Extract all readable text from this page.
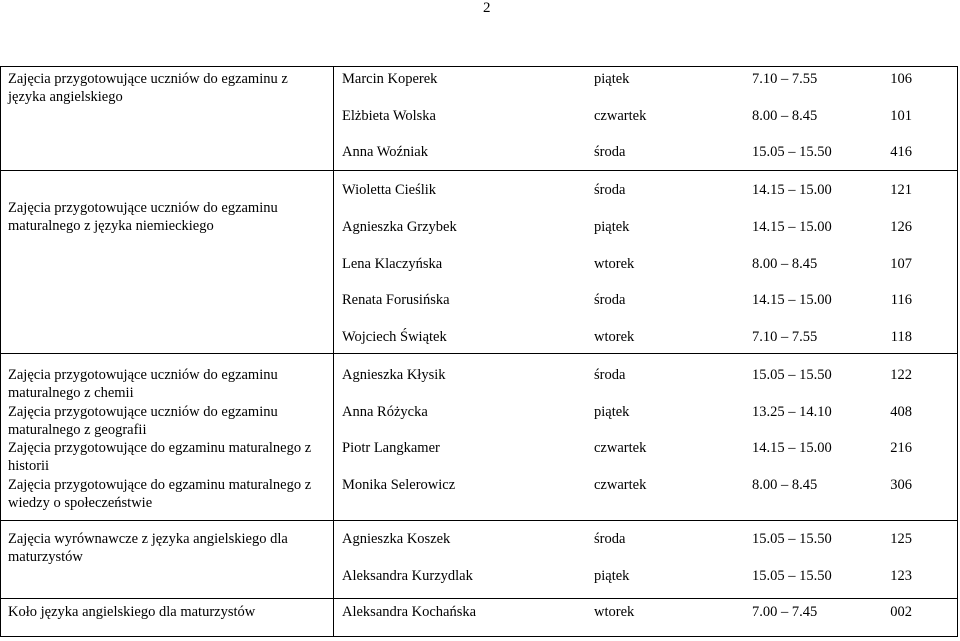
2
Zajęcia przygotowujące uczniów do egzaminu z języka angielskiego
Marcin Koperek	piątek	7.10 – 7.55	106
Elżbieta Wolska	czwartek	8.00 – 8.45	101
Anna Woźniak	środa	15.05 – 15.50	416
Zajęcia przygotowujące uczniów do egzaminu maturalnego z języka niemieckiego
Wioletta Cieślik	środa	14.15 – 15.00	121
Agnieszka Grzybek	piątek	14.15 – 15.00	126
Lena Klaczyńska	wtorek	8.00 – 8.45	107
Renata Forusińska	środa	14.15 – 15.00	116
Wojciech Świątek	wtorek	7.10 – 7.55	118
Zajęcia przygotowujące uczniów do egzaminu maturalnego z chemii
Zajęcia przygotowujące uczniów do egzaminu maturalnego z geografii
Zajęcia przygotowujące do egzaminu maturalnego z historii
Zajęcia przygotowujące do egzaminu maturalnego z wiedzy o społeczeństwie
Agnieszka Kłysik	środa	15.05 – 15.50	122
Anna Różycka	piątek	13.25 – 14.10	408
Piotr Langkamer	czwartek	14.15 – 15.00	216
Monika Selerowicz	czwartek	8.00 – 8.45	306
Zajęcia wyrównawcze z języka angielskiego dla maturzystów
Agnieszka Koszek	środa	15.05 – 15.50	125
Aleksandra Kurzydlak	piątek	15.05 – 15.50	123
Koło języka angielskiego dla maturzystów	Aleksandra Kochańska	wtorek	7.00 – 7.45	002
